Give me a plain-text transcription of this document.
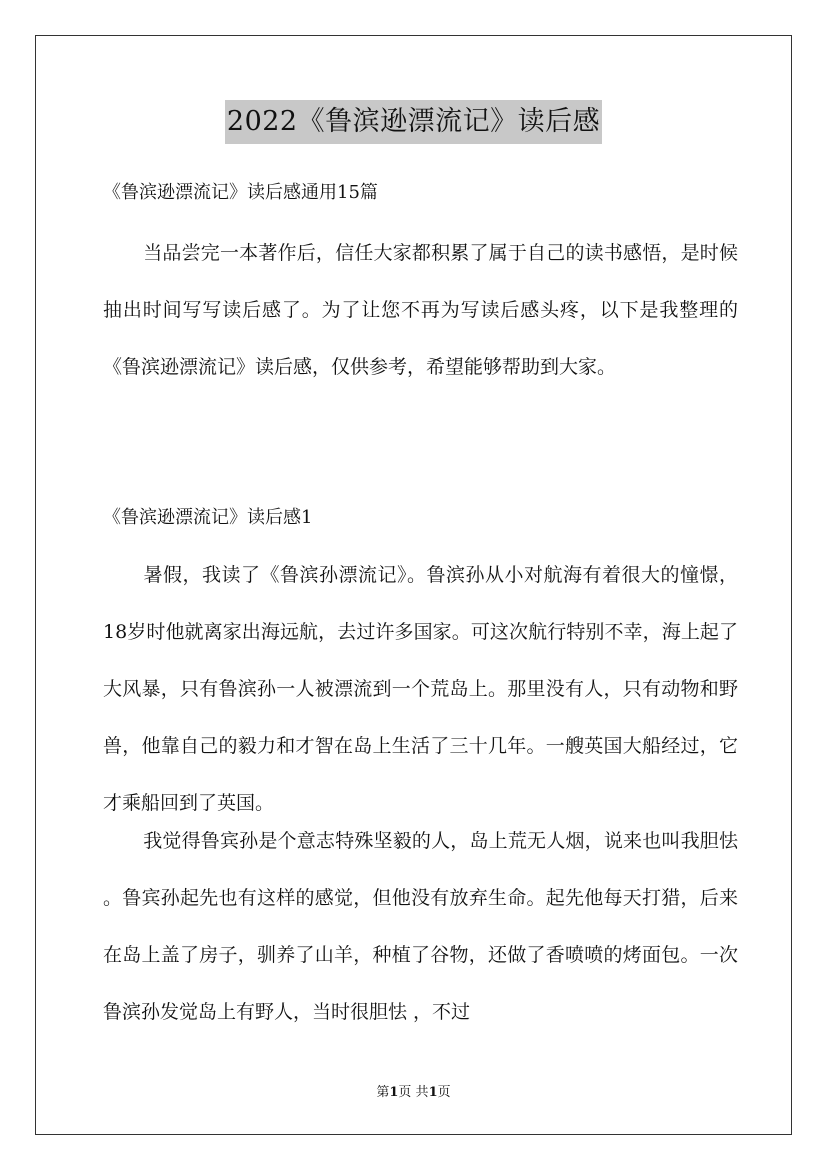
2022《鲁滨逊漂流记》读后感
《鲁滨逊漂流记》读后感通用15篇

当品尝完一本著作后，信任大家都积累了属于自己的读书感悟，是时候抽出时间写写读后感了。为了让您不再为写读后感头疼，以下是我整理的《鲁滨逊漂流记》读后感，仅供参考，希望能够帮助到大家。

《鲁滨逊漂流记》读后感1

暑假，我读了《鲁滨孙漂流记》。鲁滨孙从小对航海有着很大的憧憬，18岁时他就离家出海远航，去过许多国家。可这次航行特别不幸，海上起了大风暴，只有鲁滨孙一人被漂流到一个荒岛上。那里没有人，只有动物和野兽，他靠自己的毅力和才智在岛上生活了三十几年。一艘英国大船经过，它才乘船回到了英国。

我觉得鲁宾孙是个意志特殊坚毅的人，岛上荒无人烟，说来也叫我胆怯 。鲁宾孙起先也有这样的感觉，但他没有放弃生命。起先他每天打猎，后来在岛上盖了房子，驯养了山羊，种植了谷物，还做了香喷喷的烤面包。一次鲁滨孙发觉岛上有野人，当时很胆怯 ，不过

第1页 共1页
